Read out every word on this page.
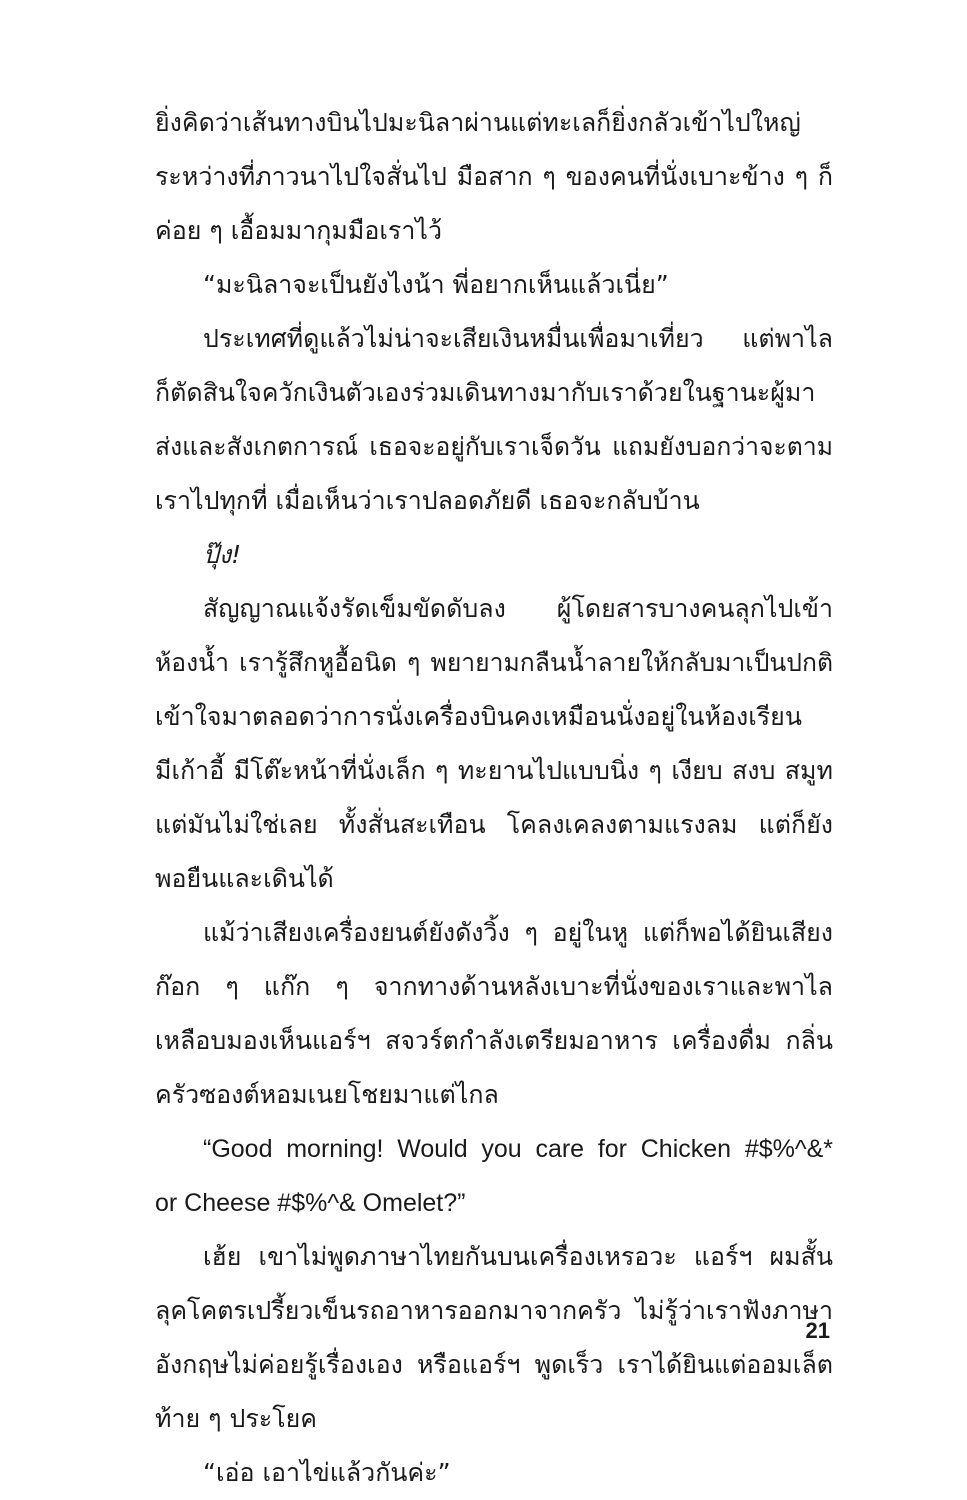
ยิ่งคิดว่าเส้นทางบินไปมะนิลาผ่านแต่ทะเลก็ยิ่งกลัวเข้าไปใหญ่
ระหว่างที่ภาวนาไปใจสั่นไป มือสาก ๆ ของคนที่นั่งเบาะข้าง ๆ ก็
ค่อย ๆ เอื้อมมากุมมือเราไว้
“มะนิลาจะเป็นยังไงน้า พี่อยากเห็นแล้วเนี่ย”
ประเทศที่ดูแล้วไม่น่าจะเสียเงินหมื่นเพื่อมาเที่ยว แต่พาไล
ก็ตัดสินใจควักเงินตัวเองร่วมเดินทางมากับเราด้วยในฐานะผู้มา
ส่งและสังเกตการณ์ เธอจะอยู่กับเราเจ็ดวัน แถมยังบอกว่าจะตาม
เราไปทุกที่ เมื่อเห็นว่าเราปลอดภัยดี เธอจะกลับบ้าน
ปุ๊ง!
สัญญาณแจ้งรัดเข็มขัดดับลง ผู้โดยสารบางคนลุกไปเข้า
ห้องน้ำ เรารู้สึกหูอื้อนิด ๆ พยายามกลืนน้ำลายให้กลับมาเป็นปกติ
เข้าใจมาตลอดว่าการนั่งเครื่องบินคงเหมือนนั่งอยู่ในห้องเรียน
มีเก้าอี้ มีโต๊ะหน้าที่นั่งเล็ก ๆ ทะยานไปแบบนิ่ง ๆ เงียบ สงบ สมูท
แต่มันไม่ใช่เลย ทั้งสั่นสะเทือน โคลงเคลงตามแรงลม แต่ก็ยัง
พอยืนและเดินได้
แม้ว่าเสียงเครื่องยนต์ยังดังวิ้ง ๆ อยู่ในหู แต่ก็พอได้ยินเสียง
ก๊อก ๆ แก๊ก ๆ จากทางด้านหลังเบาะที่นั่งของเราและพาไล
เหลือบมองเห็นแอร์ฯ สจวร์ตกำลังเตรียมอาหาร เครื่องดื่ม กลิ่น
ครัวซองต์หอมเนยโชยมาแต่ไกล
“Good morning! Would you care for Chicken #$%^&*
or Cheese #$%^& Omelet?”
เฮ้ย เขาไม่พูดภาษาไทยกันบนเครื่องเหรอวะ แอร์ฯ ผมสั้น
ลุคโคตรเปรี้ยวเข็นรถอาหารออกมาจากครัว ไม่รู้ว่าเราฟังภาษา
อังกฤษไม่ค่อยรู้เรื่องเอง หรือแอร์ฯ พูดเร็ว เราได้ยินแต่ออมเล็ต
ท้าย ๆ ประโยค
“เอ่อ เอาไข่แล้วกันค่ะ”
21
